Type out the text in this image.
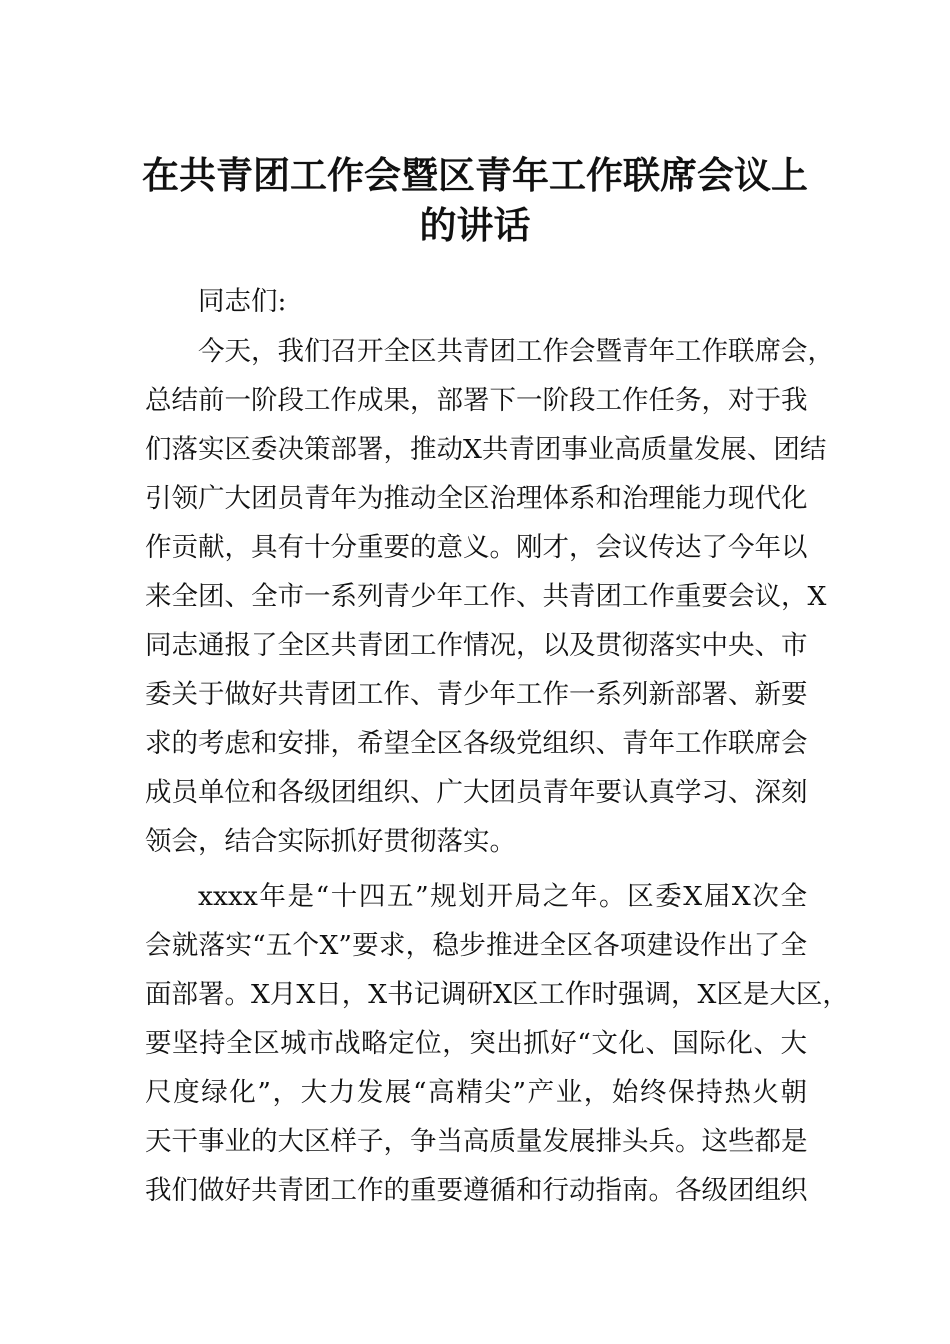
在共青团工作会暨区青年工作联席会议上
的讲话
同志们:
今天，我们召开全区共青团工作会暨青年工作联席会，
总结前一阶段工作成果，部署下一阶段工作任务，对于我
们落实区委决策部署，推动X共青团事业高质量发展、团结
引领广大团员青年为推动全区治理体系和治理能力现代化
作贡献，具有十分重要的意义。刚才，会议传达了今年以
来全团、全市一系列青少年工作、共青团工作重要会议，X
同志通报了全区共青团工作情况，以及贯彻落实中央、市
委关于做好共青团工作、青少年工作一系列新部署、新要
求的考虑和安排，希望全区各级党组织、青年工作联席会
成员单位和各级团组织、广大团员青年要认真学习、深刻
领会，结合实际抓好贯彻落实。
xxxx年是“十四五”规划开局之年。区委X届X次全
会就落实“五个X”要求，稳步推进全区各项建设作出了全
面部署。X月X日，X书记调研X区工作时强调，X区是大区，
要坚持全区城市战略定位，突出抓好“文化、国际化、大
尺度绿化”，大力发展“高精尖”产业，始终保持热火朝
天干事业的大区样子，争当高质量发展排头兵。这些都是
我们做好共青团工作的重要遵循和行动指南。各级团组织
